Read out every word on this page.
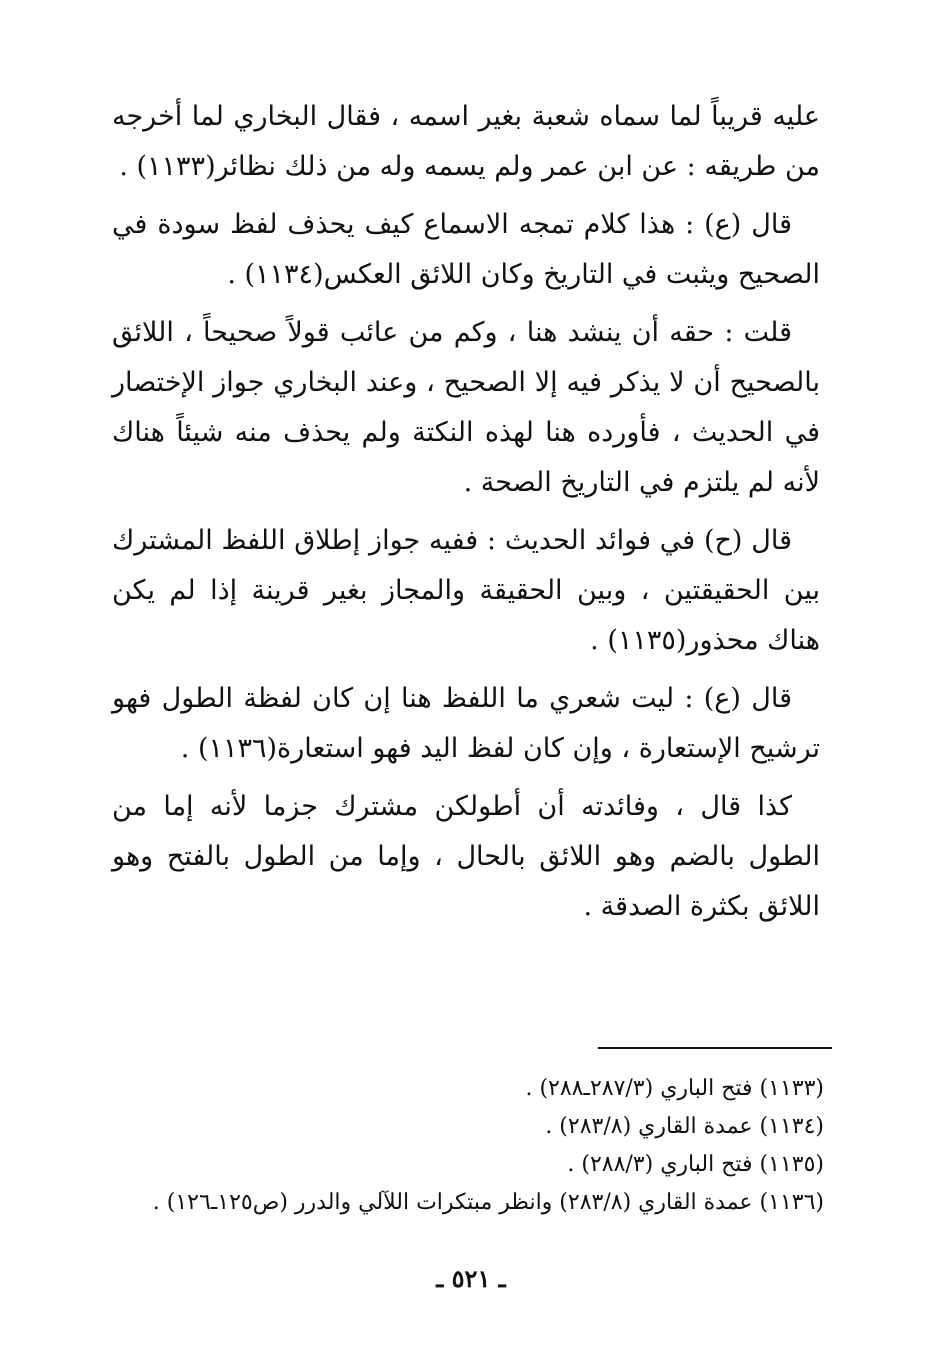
عليه قريباً لما سماه شعبة بغير اسمه ، فقال البخاري لما أخرجه من طريقه : عن ابن عمر ولم يسمه وله من ذلك نظائر(١١٣٣) .

قال (ع) : هذا كلام تمجه الاسماع كيف يحذف لفظ سودة في الصحيح ويثبت في التاريخ وكان اللائق العكس(١١٣٤) .

قلت : حقه أن ينشد هنا ، وكم من عائب قولاً صحيحاً ، اللائق بالصحيح أن لا يذكر فيه إلا الصحيح ، وعند البخاري جواز الإختصار في الحديث ، فأورده هنا لهذه النكتة ولم يحذف منه شيئاً هناك لأنه لم يلتزم في التاريخ الصحة .

قال (ح) في فوائد الحديث : ففيه جواز إطلاق اللفظ المشترك بين الحقيقتين ، وبين الحقيقة والمجاز بغير قرينة إذا لم يكن هناك محذور(١١٣٥) .

قال (ع) : ليت شعري ما اللفظ هنا إن كان لفظة الطول فهو ترشيح الإستعارة ، وإن كان لفظ اليد فهو استعارة(١١٣٦) .

كذا قال ، وفائدته أن أطولكن مشترك جزما لأنه إما من الطول بالضم وهو اللائق بالحال ، وإما من الطول بالفتح وهو اللائق بكثرة الصدقة .

(١١٣٣) فتح الباري (٢٨٧/٣ـ٢٨٨) .

(١١٣٤) عمدة القاري (٢٨٣/٨) .

(١١٣٥) فتح الباري (٢٨٨/٣) .

(١١٣٦) عمدة القاري (٢٨٣/٨) وانظر مبتكرات اللآلي والدرر (ص١٢٥ـ١٢٦) .

ـ ٥٢١ ـ
